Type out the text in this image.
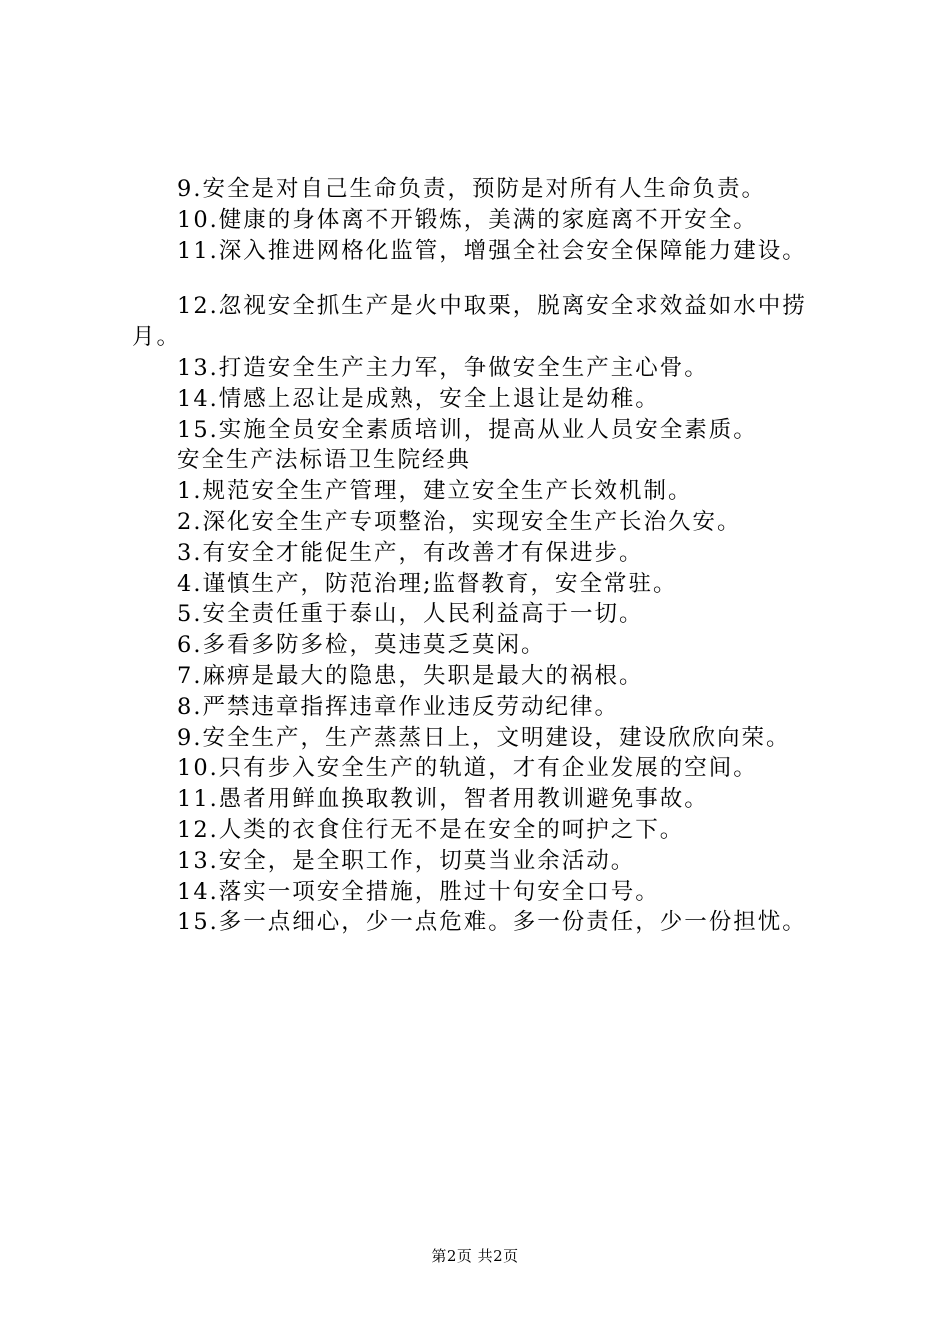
9.安全是对自己生命负责，预防是对所有人生命负责。

10.健康的身体离不开锻炼，美满的家庭离不开安全。

11.深入推进网格化监管，增强全社会安全保障能力建设。

12.忽视安全抓生产是火中取栗，脱离安全求效益如水中捞月。

13.打造安全生产主力军，争做安全生产主心骨。

14.情感上忍让是成熟，安全上退让是幼稚。

15.实施全员安全素质培训，提高从业人员安全素质。

安全生产法标语卫生院经典

1.规范安全生产管理，建立安全生产长效机制。

2.深化安全生产专项整治，实现安全生产长治久安。

3.有安全才能促生产，有改善才有保进步。

4.谨慎生产，防范治理;监督教育，安全常驻。

5.安全责任重于泰山，人民利益高于一切。

6.多看多防多检，莫违莫乏莫闲。

7.麻痹是最大的隐患，失职是最大的祸根。

8.严禁违章指挥违章作业违反劳动纪律。

9.安全生产，生产蒸蒸日上，文明建设，建设欣欣向荣。

10.只有步入安全生产的轨道，才有企业发展的空间。

11.愚者用鲜血换取教训，智者用教训避免事故。

12.人类的衣食住行无不是在安全的呵护之下。

13.安全，是全职工作，切莫当业余活动。

14.落实一项安全措施，胜过十句安全口号。

15.多一点细心，少一点危难。多一份责任，少一份担忧。

第2页 共2页
